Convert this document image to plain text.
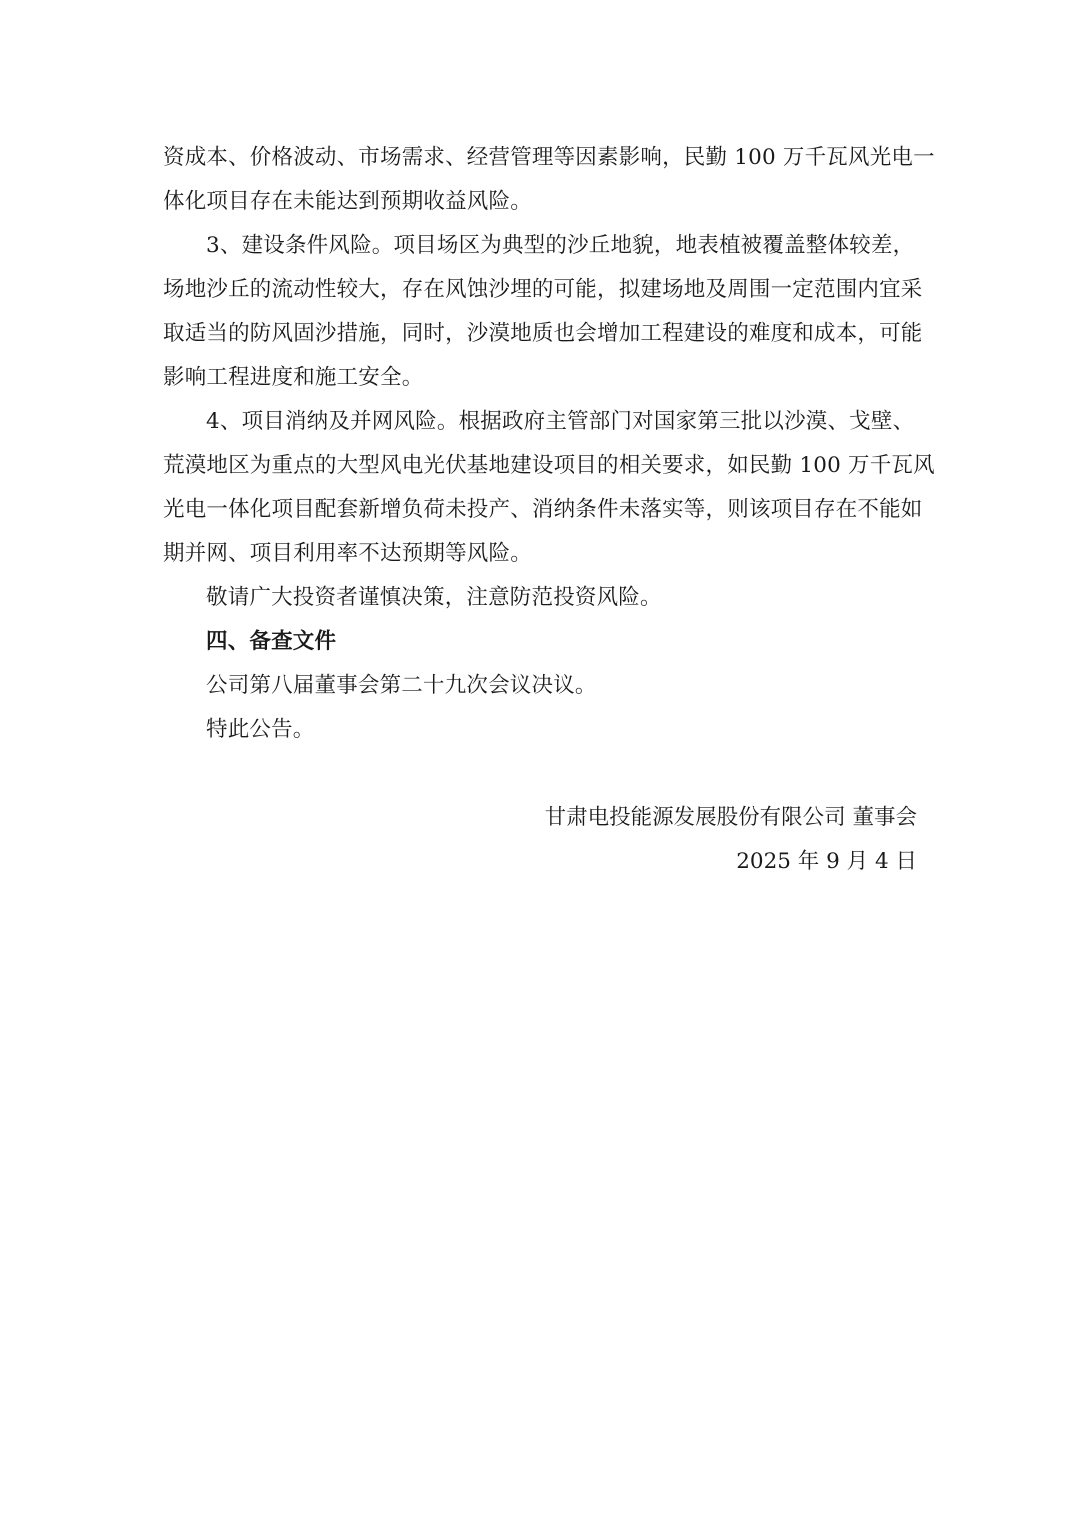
资成本、价格波动、市场需求、经营管理等因素影响，民勤 100 万千瓦风光电一
体化项目存在未能达到预期收益风险。
3、建设条件风险。项目场区为典型的沙丘地貌，地表植被覆盖整体较差，
场地沙丘的流动性较大，存在风蚀沙埋的可能，拟建场地及周围一定范围内宜采
取适当的防风固沙措施，同时，沙漠地质也会增加工程建设的难度和成本，可能
影响工程进度和施工安全。
4、项目消纳及并网风险。根据政府主管部门对国家第三批以沙漠、戈壁、
荒漠地区为重点的大型风电光伏基地建设项目的相关要求，如民勤 100 万千瓦风
光电一体化项目配套新增负荷未投产、消纳条件未落实等，则该项目存在不能如
期并网、项目利用率不达预期等风险。
敬请广大投资者谨慎决策，注意防范投资风险。
四、备查文件
公司第八届董事会第二十九次会议决议。
特此公告。
甘肃电投能源发展股份有限公司 董事会
2025 年 9 月 4 日
